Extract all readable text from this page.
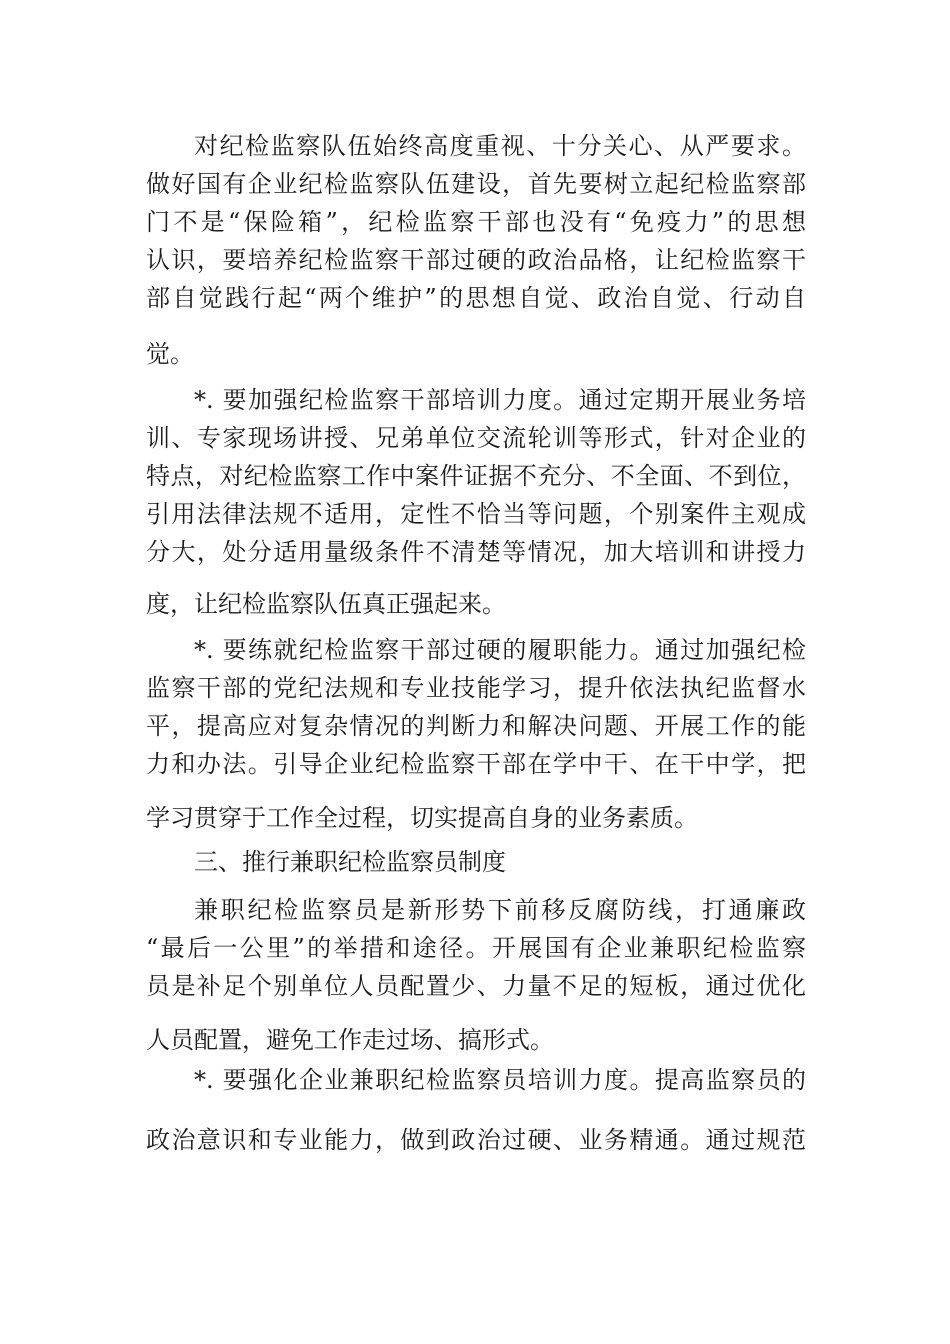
对纪检监察队伍始终高度重视、十分关心、从严要求。
做好国有企业纪检监察队伍建设，首先要树立起纪检监察部
门不是“保险箱”，纪检监察干部也没有“免疫力”的思想
认识，要培养纪检监察干部过硬的政治品格，让纪检监察干
部自觉践行起“两个维护”的思想自觉、政治自觉、行动自
觉。
*. 要加强纪检监察干部培训力度。通过定期开展业务培
训、专家现场讲授、兄弟单位交流轮训等形式，针对企业的
特点，对纪检监察工作中案件证据不充分、不全面、不到位，
引用法律法规不适用，定性不恰当等问题，个别案件主观成
分大，处分适用量级条件不清楚等情况，加大培训和讲授力
度，让纪检监察队伍真正强起来。
*. 要练就纪检监察干部过硬的履职能力。通过加强纪检
监察干部的党纪法规和专业技能学习，提升依法执纪监督水
平，提高应对复杂情况的判断力和解决问题、开展工作的能
力和办法。引导企业纪检监察干部在学中干、在干中学，把
学习贯穿于工作全过程，切实提高自身的业务素质。
三、推行兼职纪检监察员制度
兼职纪检监察员是新形势下前移反腐防线，打通廉政
“最后一公里”的举措和途径。开展国有企业兼职纪检监察
员是补足个别单位人员配置少、力量不足的短板，通过优化
人员配置，避免工作走过场、搞形式。
*. 要强化企业兼职纪检监察员培训力度。提高监察员的
政治意识和专业能力，做到政治过硬、业务精通。通过规范
